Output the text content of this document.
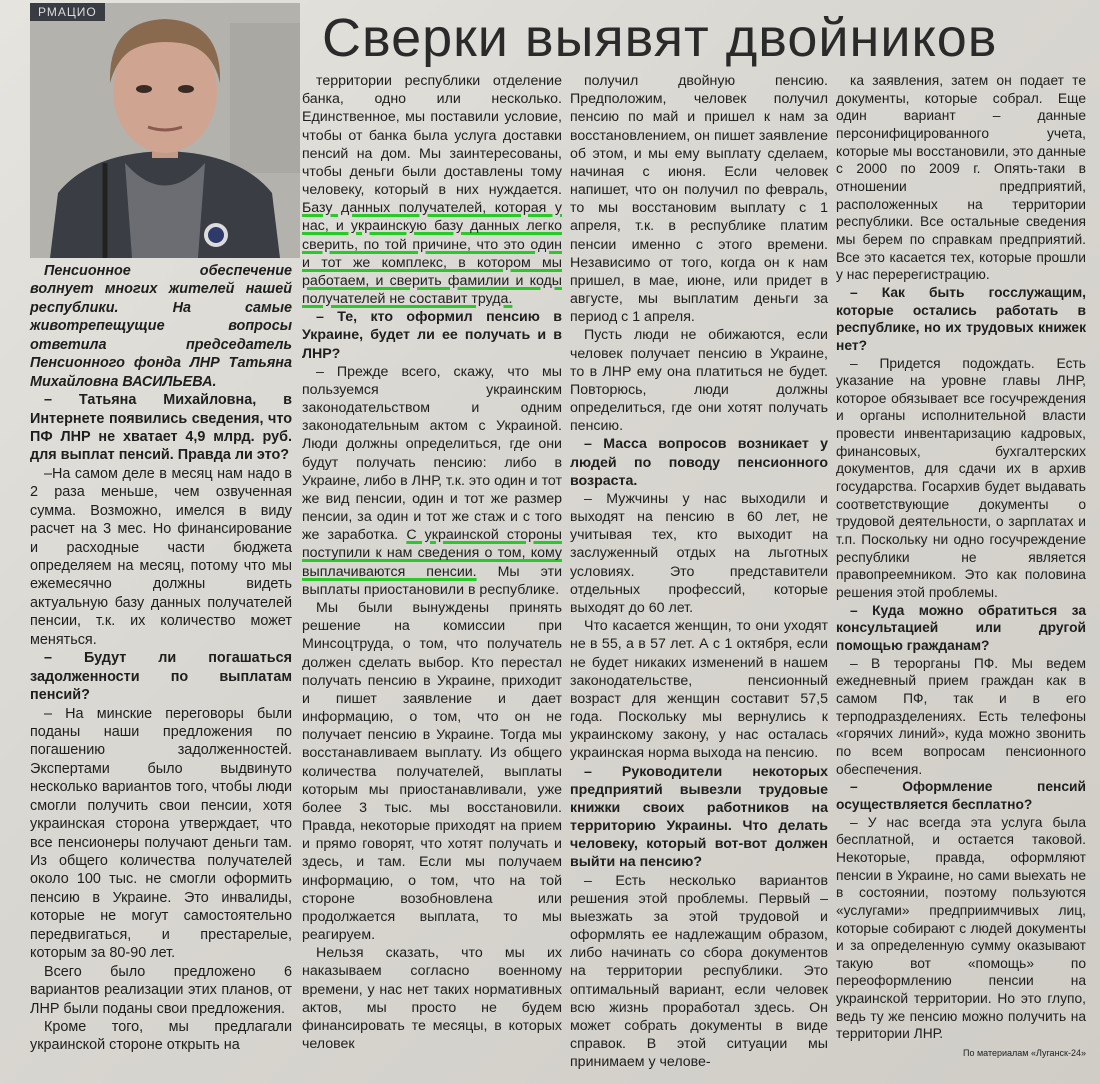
РМАЦИО	Сверки выявят двойников

Пенсионное обеспечение волнует многих жителей нашей республики. На самые животрепещущие вопросы ответила председатель Пенсионного фонда ЛНР Татьяна Михайловна ВАСИЛЬЕВА.

– Татьяна Михайловна, в Интернете появились сведения, что ПФ ЛНР не хватает 4,9 млрд. руб. для выплат пенсий. Правда ли это?

–На самом деле в месяц нам надо в 2 раза меньше, чем озвученная сумма. Возможно, имелся в виду расчет на 3 мес. Но финансирование и расходные части бюджета определяем на месяц, потому что мы ежемесячно должны видеть актуальную базу данных получателей пенсии, т.к. их количество может меняться.

– Будут ли погашаться задолженности по выплатам пенсий?

– На минские переговоры были поданы наши предложения по погашению задолженностей. Экспертами было выдвинуто несколько вариантов того, чтобы люди смогли получить свои пенсии, хотя украинская сторона утверждает, что все пенсионеры получают деньги там. Из общего количества получателей около 100 тыс. не смогли оформить пенсию в Украине. Это инвалиды, которые не могут самостоятельно передвигаться, и престарелые, которым за 80-90 лет.

Всего было предложено 6 вариантов реализации этих планов, от ЛНР были поданы свои предложения.

Кроме того, мы предлагали украинской стороне открыть на

территории республики отделение банка, одно или несколько. Единственное, мы поставили условие, чтобы от банка была услуга доставки пенсий на дом. Мы заинтересованы, чтобы деньги были доставлены тому человеку, который в них нуждается. Базу данных получателей, которая у нас, и украинскую базу данных легко сверить, по той причине, что это один и тот же комплекс, в котором мы работаем, и сверить фамилии и коды получателей не составит труда.

– Те, кто оформил пенсию в Украине, будет ли ее получать и в ЛНР?

– Прежде всего, скажу, что мы пользуемся украинским законодательством и одним законодательным актом с Украиной. Люди должны определиться, где они будут получать пенсию: либо в Украине, либо в ЛНР, т.к. это один и тот же вид пенсии, один и тот же размер пенсии, за один и тот же стаж и с того же заработка. С украинской стороны поступили к нам сведения о том, кому выплачиваются пенсии. Мы эти выплаты приостановили в республике.

Мы были вынуждены принять решение на комиссии при Минсоцтруда, о том, что получатель должен сделать выбор. Кто перестал получать пенсию в Украине, приходит и пишет заявление и дает информацию, о том, что он не получает пенсию в Украине. Тогда мы восстанавливаем выплату. Из общего количества получателей, выплаты которым мы приостанавливали, уже более 3 тыс. мы восстановили. Правда, некоторые приходят на прием и прямо говорят, что хотят получать и здесь, и там. Если мы получаем информацию, о том, что на той стороне возобновлена или продолжается выплата, то мы реагируем.

Нельзя сказать, что мы их наказываем согласно военному времени, у нас нет таких нормативных актов, мы просто не будем финансировать те месяцы, в которых человек

получил двойную пенсию. Предположим, человек получил пенсию по май и пришел к нам за восстановлением, он пишет заявление об этом, и мы ему выплату сделаем, начиная с июня. Если человек напишет, что он получил по февраль, то мы восстановим выплату с 1 апреля, т.к. в республике платим пенсии именно с этого времени. Независимо от того, когда он к нам пришел, в мае, июне, или придет в августе, мы выплатим деньги за период с 1 апреля.

Пусть люди не обижаются, если человек получает пенсию в Украине, то в ЛНР ему она платиться не будет. Повторюсь, люди должны определиться, где они хотят получать пенсию.

– Масса вопросов возникает у людей по поводу пенсионного возраста.

– Мужчины у нас выходили и выходят на пенсию в 60 лет, не учитывая тех, кто выходит на заслуженный отдых на льготных условиях. Это представители отдельных профессий, которые выходят до 60 лет.

Что касается женщин, то они уходят не в 55, а в 57 лет. А с 1 октября, если не будет никаких изменений в нашем законодательстве, пенсионный возраст для женщин составит 57,5 года. Поскольку мы вернулись к украинскому закону, у нас осталась украинская норма выхода на пенсию.

– Руководители некоторых предприятий вывезли трудовые книжки своих работников на территорию Украины. Что делать человеку, который вот-вот должен выйти на пенсию?

– Есть несколько вариантов решения этой проблемы. Первый – выезжать за этой трудовой и оформлять ее надлежащим образом, либо начинать со сбора документов на территории республики. Это оптимальный вариант, если человек всю жизнь проработал здесь. Он может собрать документы в виде справок. В этой ситуации мы принимаем у челове-

ка заявления, затем он подает те документы, которые собрал. Еще один вариант – данные персонифицированного учета, которые мы восстановили, это данные с 2000 по 2009 г. Опять-таки в отношении предприятий, расположенных на территории республики. Все остальные сведения мы берем по справкам предприятий. Все это касается тех, которые прошли у нас перерегистрацию.

– Как быть госслужащим, которые остались работать в республике, но их трудовых книжек нет?

– Придется подождать. Есть указание на уровне главы ЛНР, которое обязывает все госучреждения и органы исполнительной власти провести инвентаризацию кадровых, финансовых, бухгалтерских документов, для сдачи их в архив государства. Госархив будет выдавать соответствующие документы о трудовой деятельности, о зарплатах и т.п. Поскольку ни одно госучреждение республики не является правопреемником. Это как половина решения этой проблемы.

– Куда можно обратиться за консультацией или другой помощью гражданам?

– В терорганы ПФ. Мы ведем ежедневный прием граждан как в самом ПФ, так и в его терподразделениях. Есть телефоны «горячих линий», куда можно звонить по всем вопросам пенсионного обеспечения.

– Оформление пенсий осуществляется бесплатно?

– У нас всегда эта услуга была бесплатной, и остается таковой. Некоторые, правда, оформляют пенсии в Украине, но сами выехать не в состоянии, поэтому пользуются «услугами» предприимчивых лиц, которые собирают с людей документы и за определенную сумму оказывают такую вот «помощь» по переоформлению пенсии на украинской территории. Но это глупо, ведь ту же пенсию можно получить на территории ЛНР.

По материалам «Луганск-24»
